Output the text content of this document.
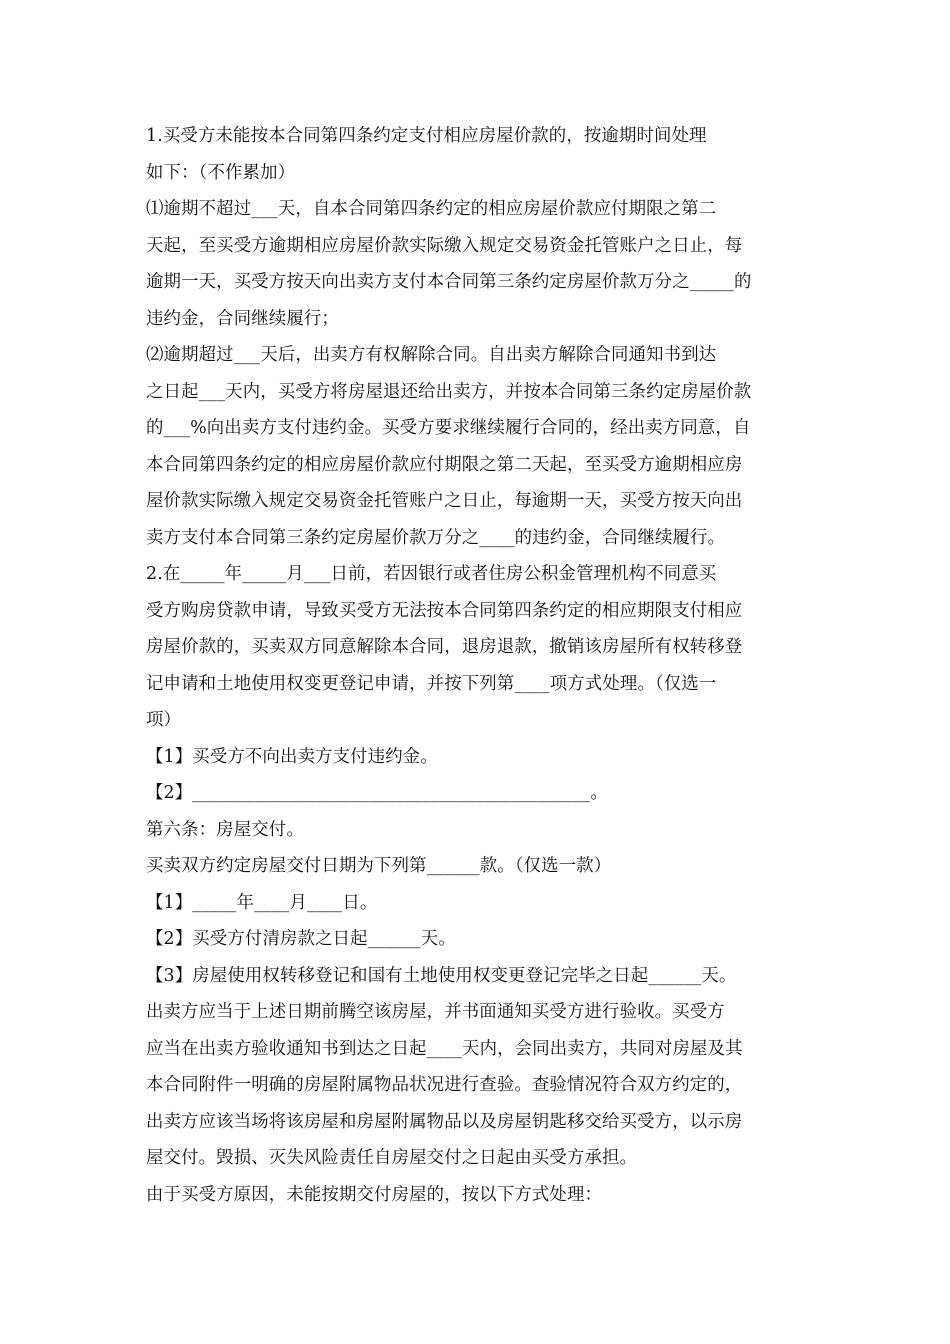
1.买受方未能按本合同第四条约定支付相应房屋价款的，按逾期时间处理
如下：（不作累加）
⑴逾期不超过___天，自本合同第四条约定的相应房屋价款应付期限之第二
天起，至买受方逾期相应房屋价款实际缴入规定交易资金托管账户之日止，每
逾期一天，买受方按天向出卖方支付本合同第三条约定房屋价款万分之_____的
违约金，合同继续履行；
⑵逾期超过___天后，出卖方有权解除合同。自出卖方解除合同通知书到达
之日起___天内，买受方将房屋退还给出卖方，并按本合同第三条约定房屋价款
的___%向出卖方支付违约金。买受方要求继续履行合同的，经出卖方同意，自
本合同第四条约定的相应房屋价款应付期限之第二天起，至买受方逾期相应房
屋价款实际缴入规定交易资金托管账户之日止，每逾期一天，买受方按天向出
卖方支付本合同第三条约定房屋价款万分之____的违约金，合同继续履行。
2.在_____年_____月___日前，若因银行或者住房公积金管理机构不同意买
受方购房贷款申请，导致买受方无法按本合同第四条约定的相应期限支付相应
房屋价款的，买卖双方同意解除本合同，退房退款，撤销该房屋所有权转移登
记申请和土地使用权变更登记申请，并按下列第____项方式处理。（仅选一
项）
【1】买受方不向出卖方支付违约金。
【2】_____________________________________________。
第六条：房屋交付。
买卖双方约定房屋交付日期为下列第______款。（仅选一款）
【1】_____年____月____日。
【2】买受方付清房款之日起______天。
【3】房屋使用权转移登记和国有土地使用权变更登记完毕之日起______天。
出卖方应当于上述日期前腾空该房屋，并书面通知买受方进行验收。买受方
应当在出卖方验收通知书到达之日起____天内，会同出卖方，共同对房屋及其
本合同附件一明确的房屋附属物品状况进行查验。查验情况符合双方约定的，
出卖方应该当场将该房屋和房屋附属物品以及房屋钥匙移交给买受方，以示房
屋交付。毁损、灭失风险责任自房屋交付之日起由买受方承担。
由于买受方原因，未能按期交付房屋的，按以下方式处理：
